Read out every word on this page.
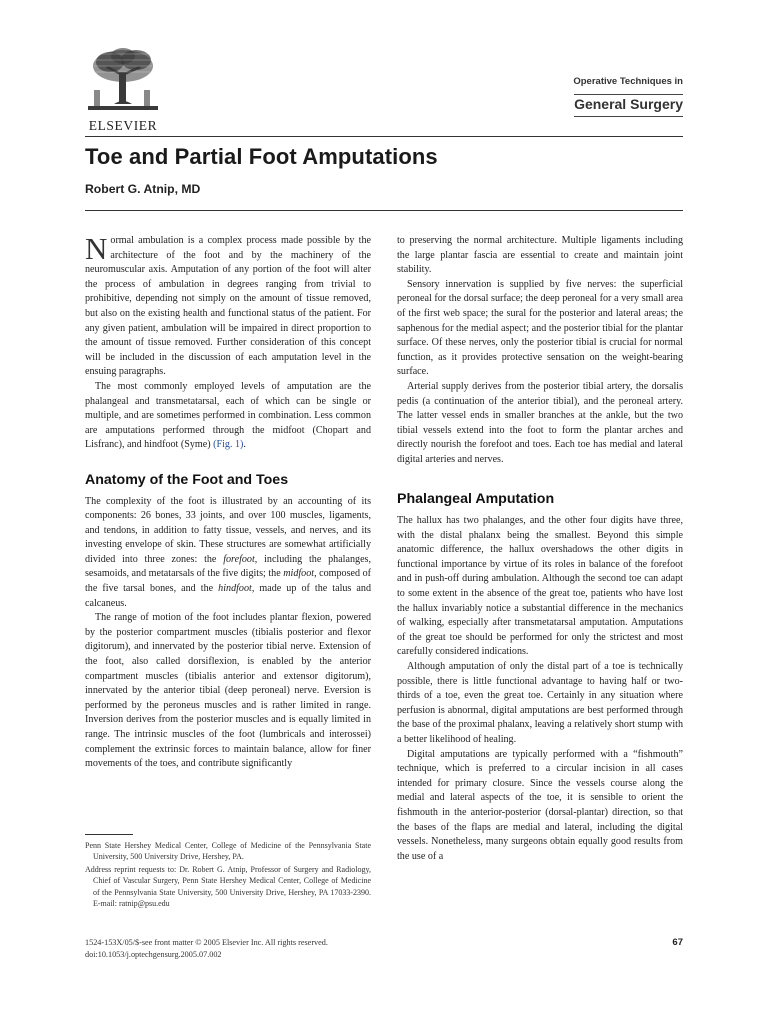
ELSEVIER
Operative Techniques in
General Surgery
Toe and Partial Foot Amputations
Robert G. Atnip, MD

Normal ambulation is a complex process made possible by the architecture of the foot and by the machinery of the neuromuscular axis. Amputation of any portion of the foot will alter the process of ambulation in degrees ranging from trivial to prohibitive, depending not simply on the amount of tissue removed, but also on the existing health and functional status of the patient. For any given patient, ambulation will be impaired in direct proportion to the amount of tissue removed. Further consideration of this concept will be included in the discussion of each amputation level in the ensuing paragraphs.

The most commonly employed levels of amputation are the phalangeal and transmetatarsal, each of which can be single or multiple, and are sometimes performed in combination. Less common are amputations performed through the midfoot (Chopart and Lisfranc), and hindfoot (Syme) (Fig. 1).

Anatomy of the Foot and Toes

The complexity of the foot is illustrated by an accounting of its components: 26 bones, 33 joints, and over 100 muscles, ligaments, and tendons, in addition to fatty tissue, vessels, and nerves, and its investing envelope of skin. These structures are somewhat artificially divided into three zones: the forefoot, including the phalanges, sesamoids, and metatarsals of the five digits; the midfoot, composed of the five tarsal bones, and the hindfoot, made up of the talus and calcaneus.

The range of motion of the foot includes plantar flexion, powered by the posterior compartment muscles (tibialis posterior and flexor digitorum), and innervated by the posterior tibial nerve. Extension of the foot, also called dorsiflexion, is enabled by the anterior compartment muscles (tibialis anterior and extensor digitorum), innervated by the anterior tibial (deep peroneal) nerve. Eversion is performed by the peroneus muscles and is rather limited in range. Inversion derives from the posterior muscles and is equally limited in range. The intrinsic muscles of the foot (lumbricals and interossei) complement the extrinsic forces to maintain balance, allow for finer movements of the toes, and contribute significantly

Penn State Hershey Medical Center, College of Medicine of the Pennsylvania State University, 500 University Drive, Hershey, PA.

Address reprint requests to: Dr. Robert G. Atnip, Professor of Surgery and Radiology, Chief of Vascular Surgery, Penn State Hershey Medical Center, College of Medicine of the Pennsylvania State University, 500 University Drive, Hershey, PA 17033-2390. E-mail: ratnip@psu.edu

1524-153X/05/$-see front matter © 2005 Elsevier Inc. All rights reserved.
doi:10.1053/j.optechgensurg.2005.07.002
67

to preserving the normal architecture. Multiple ligaments including the large plantar fascia are essential to create and maintain joint stability.

Sensory innervation is supplied by five nerves: the superficial peroneal for the dorsal surface; the deep peroneal for a very small area of the first web space; the sural for the posterior and lateral areas; the saphenous for the medial aspect; and the posterior tibial for the plantar surface. Of these nerves, only the posterior tibial is crucial for normal function, as it provides protective sensation on the weight-bearing surface.

Arterial supply derives from the posterior tibial artery, the dorsalis pedis (a continuation of the anterior tibial), and the peroneal artery. The latter vessel ends in smaller branches at the ankle, but the two tibial vessels extend into the foot to form the plantar arches and directly nourish the forefoot and toes. Each toe has medial and lateral digital arteries and nerves.

Phalangeal Amputation

The hallux has two phalanges, and the other four digits have three, with the distal phalanx being the smallest. Beyond this simple anatomic difference, the hallux overshadows the other digits in functional importance by virtue of its roles in balance of the forefoot and in push-off during ambulation. Although the second toe can adapt to some extent in the absence of the great toe, patients who have lost the hallux invariably notice a substantial difference in the mechanics of walking, especially after transmetatarsal amputation. Amputations of the great toe should be performed for only the strictest and most carefully considered indications.

Although amputation of only the distal part of a toe is technically possible, there is little functional advantage to having half or two-thirds of a toe, even the great toe. Certainly in any situation where perfusion is abnormal, digital amputations are best performed through the base of the proximal phalanx, leaving a relatively short stump with a better likelihood of healing.

Digital amputations are typically performed with a “fishmouth” technique, which is preferred to a circular incision in all cases intended for primary closure. Since the vessels course along the medial and lateral aspects of the toe, it is sensible to orient the fishmouth in the anterior-posterior (dorsal-plantar) direction, so that the bases of the flaps are medial and lateral, including the digital vessels. Nonetheless, many surgeons obtain equally good results from the use of a
